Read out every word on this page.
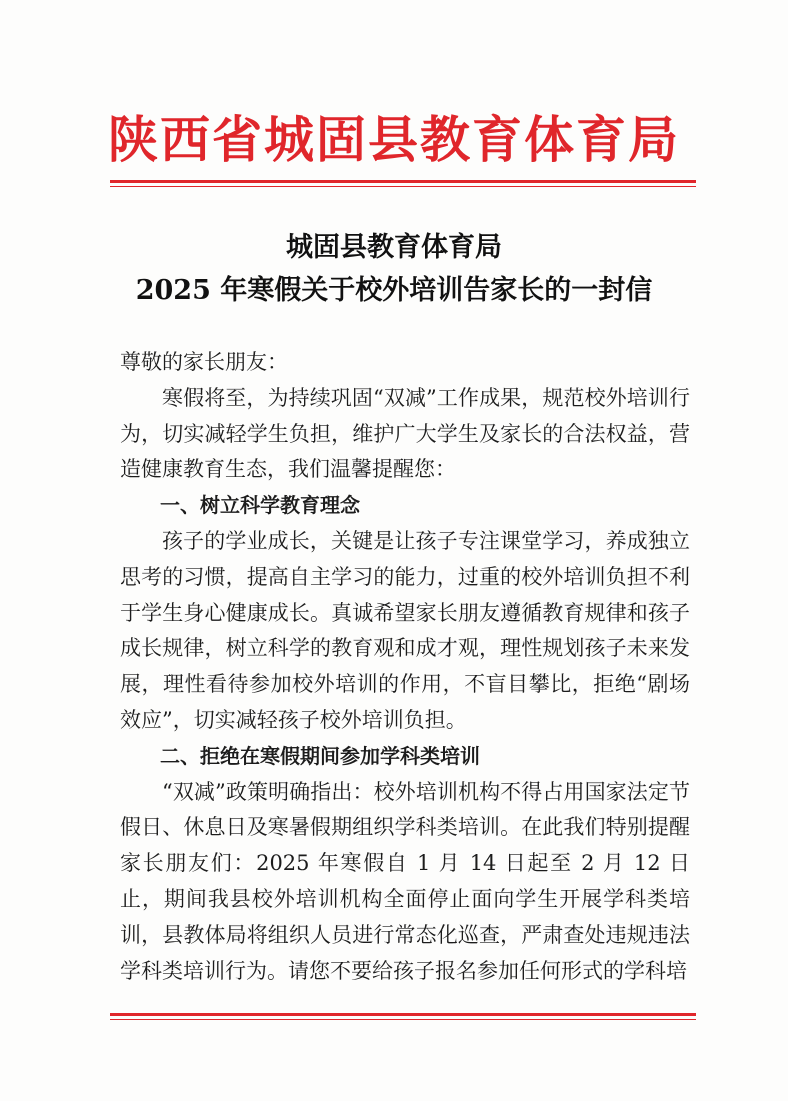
陕西省城固县教育体育局
城固县教育体育局
2025 年寒假关于校外培训告家长的一封信

尊敬的家长朋友：

寒假将至，为持续巩固“双减”工作成果，规范校外培训行为，切实减轻学生负担，维护广大学生及家长的合法权益，营造健康教育生态，我们温馨提醒您：

一、树立科学教育理念

孩子的学业成长，关键是让孩子专注课堂学习，养成独立思考的习惯，提高自主学习的能力，过重的校外培训负担不利于学生身心健康成长。真诚希望家长朋友遵循教育规律和孩子成长规律，树立科学的教育观和成才观，理性规划孩子未来发展，理性看待参加校外培训的作用，不盲目攀比，拒绝“剧场效应”，切实减轻孩子校外培训负担。

二、拒绝在寒假期间参加学科类培训

“双减”政策明确指出：校外培训机构不得占用国家法定节假日、休息日及寒暑假期组织学科类培训。在此我们特别提醒家长朋友们：2025 年寒假自 1 月 14 日起至 2 月 12 日止，期间我县校外培训机构全面停止面向学生开展学科类培训，县教体局将组织人员进行常态化巡查，严肃查处违规违法学科类培训行为。请您不要给孩子报名参加任何形式的学科培
